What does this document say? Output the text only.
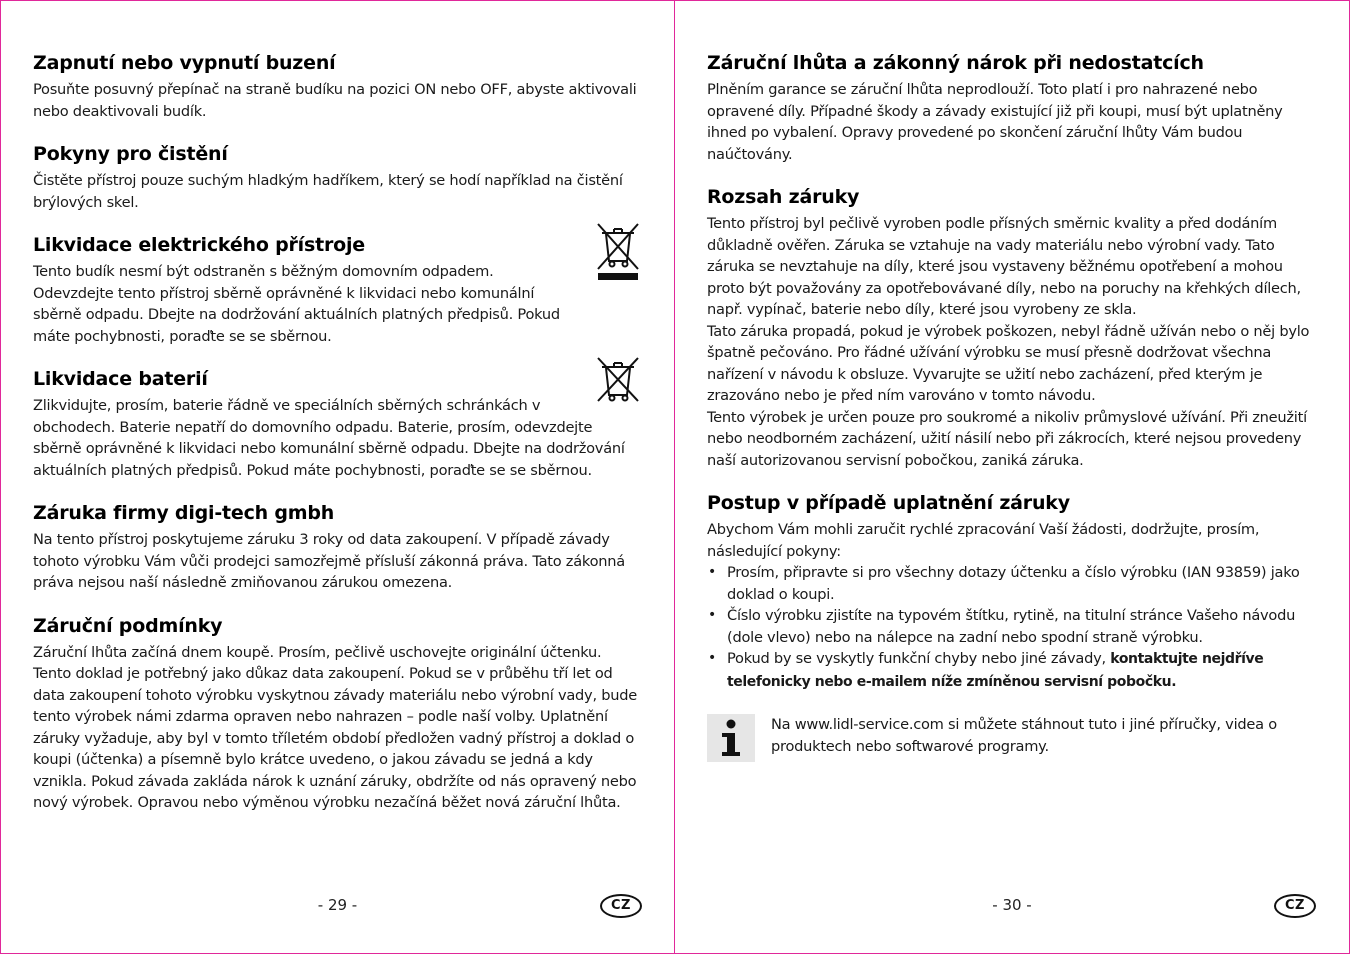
Zapnutí nebo vypnutí buzení

Posuňte posuvný přepínač na straně budíku na pozici ON nebo OFF, abyste aktivovali nebo deaktivovali budík.

Pokyny pro čistění

Čistěte přístroj pouze suchým hladkým hadříkem, který se hodí například na čistění brýlových skel.

Likvidace elektrického přístroje

Tento budík nesmí být odstraněn s běžným domovním odpadem. Odevzdejte tento přístroj sběrně oprávněné k likvidaci nebo komunální sběrně odpadu. Dbejte na dodržování aktuálních platných předpisů. Pokud máte pochybnosti, poraďte se se sběrnou.

Likvidace baterií

Zlikvidujte, prosím, baterie řádně ve speciálních sběrných schránkách v obchodech. Baterie nepatří do domovního odpadu. Baterie, prosím, odevzdejte sběrně oprávněné k likvidaci nebo komunální sběrně odpadu. Dbejte na dodržování aktuálních platných předpisů. Pokud máte pochybnosti, poraďte se se sběrnou.

Záruka firmy digi-tech gmbh

Na tento přístroj poskytujeme záruku 3 roky od data zakoupení. V případě závady tohoto výrobku Vám vůči prodejci samozřejmě přísluší zákonná práva. Tato zákonná práva nejsou naší následně zmiňovanou zárukou omezena.

Záruční podmínky

Záruční lhůta začíná dnem koupě. Prosím, pečlivě uschovejte originální účtenku. Tento doklad je potřebný jako důkaz data zakoupení. Pokud se v průběhu tří let od data zakoupení tohoto výrobku vyskytnou závady materiálu nebo výrobní vady, bude tento výrobek námi zdarma opraven nebo nahrazen – podle naší volby. Uplatnění záruky vyžaduje, aby byl v tomto tříletém období předložen vadný přístroj a doklad o koupi (účtenka) a písemně bylo krátce uvedeno, o jakou závadu se jedná a kdy vznikla. Pokud závada zakláda nárok k uznání záruky, obdržíte od nás opravený nebo nový výrobek. Opravou nebo výměnou výrobku nezačíná běžet nová záruční lhůta.

- 29 -	CZ
Záruční lhůta a zákonný nárok při nedostatcích

Plněním garance se záruční lhůta neprodlouží. Toto platí i pro nahrazené nebo opravené díly. Případné škody a závady existující již při koupi, musí být uplatněny ihned po vybalení. Opravy provedené po skončení záruční lhůty Vám budou naúčtovány.

Rozsah záruky

Tento přístroj byl pečlivě vyroben podle přísných směrnic kvality a před dodáním důkladně ověřen. Záruka se vztahuje na vady materiálu nebo výrobní vady. Tato záruka se nevztahuje na díly, které jsou vystaveny běžnému opotřebení a mohou proto být považovány za opotřebovávané díly, nebo na poruchy na křehkých dílech, např. vypínač, baterie nebo díly, které jsou vyrobeny ze skla.

Tato záruka propadá, pokud je výrobek poškozen, nebyl řádně užíván nebo o něj bylo špatně pečováno. Pro řádné užívání výrobku se musí přesně dodržovat všechna nařízení v návodu k obsluze. Vyvarujte se užití nebo zacházení, před kterým je zrazováno nebo je před ním varováno v tomto návodu.

Tento výrobek je určen pouze pro soukromé a nikoliv průmyslové užívání. Při zneužití nebo neodborném zacházení, užití násilí nebo při zákrocích, které nejsou provedeny naší autorizovanou servisní pobočkou, zaniká záruka.

Postup v případě uplatnění záruky

Abychom Vám mohli zaručit rychlé zpracování Vaší žádosti, dodržujte, prosím, následující pokyny:

• Prosím, připravte si pro všechny dotazy účtenku a číslo výrobku (IAN 93859) jako doklad o koupi.
• Číslo výrobku zjistíte na typovém štítku, rytině, na titulní stránce Vašeho návodu (dole vlevo) nebo na nálepce na zadní nebo spodní straně výrobku.
• Pokud by se vyskytly funkční chyby nebo jiné závady, kontaktujte nejdříve telefonicky nebo e-mailem níže zmíněnou servisní pobočku.

Na www.lidl-service.com si můžete stáhnout tuto i jiné příručky, videa o produktech nebo softwarové programy.

- 30 -	CZ
